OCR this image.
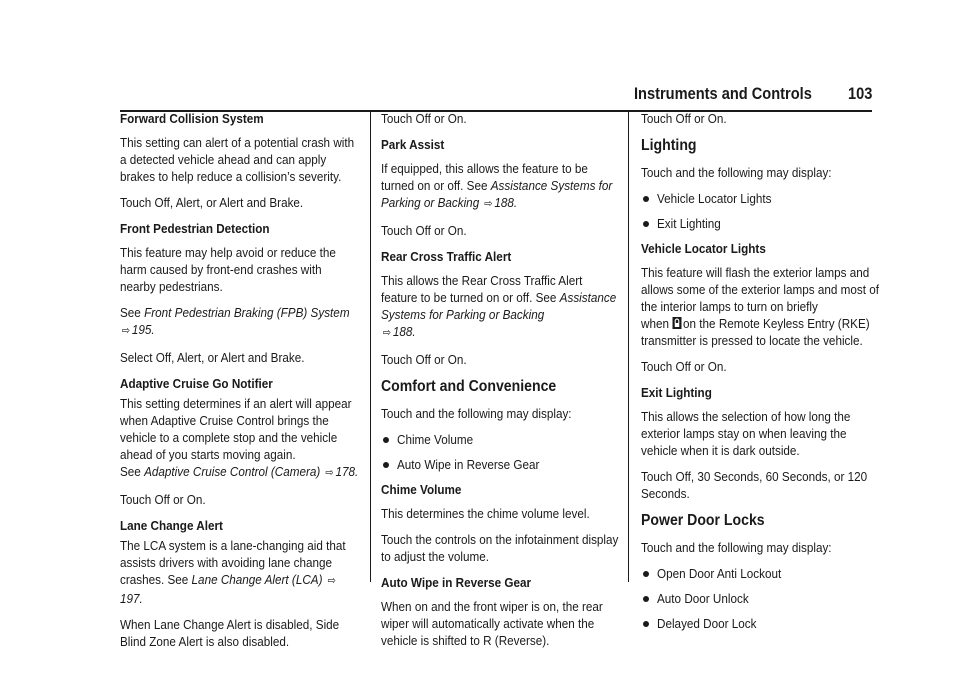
Instruments and Controls 103

Forward Collision System

This setting can alert of a potential crash with a detected vehicle ahead and can apply brakes to help reduce a collision’s severity.

Touch Off, Alert, or Alert and Brake.

Front Pedestrian Detection

This feature may help avoid or reduce the harm caused by front-end crashes with nearby pedestrians.

See Front Pedestrian Braking (FPB) System
⇨ 195.

Select Off, Alert, or Alert and Brake.

Adaptive Cruise Go Notifier

This setting determines if an alert will appear when Adaptive Cruise Control brings the vehicle to a complete stop and the vehicle ahead of you starts moving again.

See Adaptive Cruise Control (Camera) ⇨ 178.

Touch Off or On.

Lane Change Alert

The LCA system is a lane-changing aid that assists drivers with avoiding lane change crashes. See Lane Change Alert (LCA) ⇨197.

When Lane Change Alert is disabled, Side Blind Zone Alert is also disabled.

Touch Off or On.

Park Assist

If equipped, this allows the feature to be turned on or off. See Assistance Systems for Parking or Backing ⇨ 188.

Touch Off or On.

Rear Cross Traffic Alert

This allows the Rear Cross Traffic Alert feature to be turned on or off. See Assistance Systems for Parking or Backing
⇨ 188.

Touch Off or On.

Comfort and Convenience

Touch and the following may display:

Chime Volume
Auto Wipe in Reverse Gear

Chime Volume

This determines the chime volume level.

Touch the controls on the infotainment display to adjust the volume.

Auto Wipe in Reverse Gear

When on and the front wiper is on, the rear wiper will automatically activate when the vehicle is shifted to R (Reverse).

Touch Off or On.

Lighting

Touch and the following may display:

Vehicle Locator Lights
Exit Lighting

Vehicle Locator Lights

This feature will flash the exterior lamps and allows some of the exterior lamps and most of the interior lamps to turn on briefly
when on the Remote Keyless Entry (RKE) transmitter is pressed to locate the vehicle.

Touch Off or On.

Exit Lighting

This allows the selection of how long the exterior lamps stay on when leaving the vehicle when it is dark outside.

Touch Off, 30 Seconds, 60 Seconds, or 120 Seconds.

Power Door Locks

Touch and the following may display:

Open Door Anti Lockout
Auto Door Unlock
Delayed Door Lock
